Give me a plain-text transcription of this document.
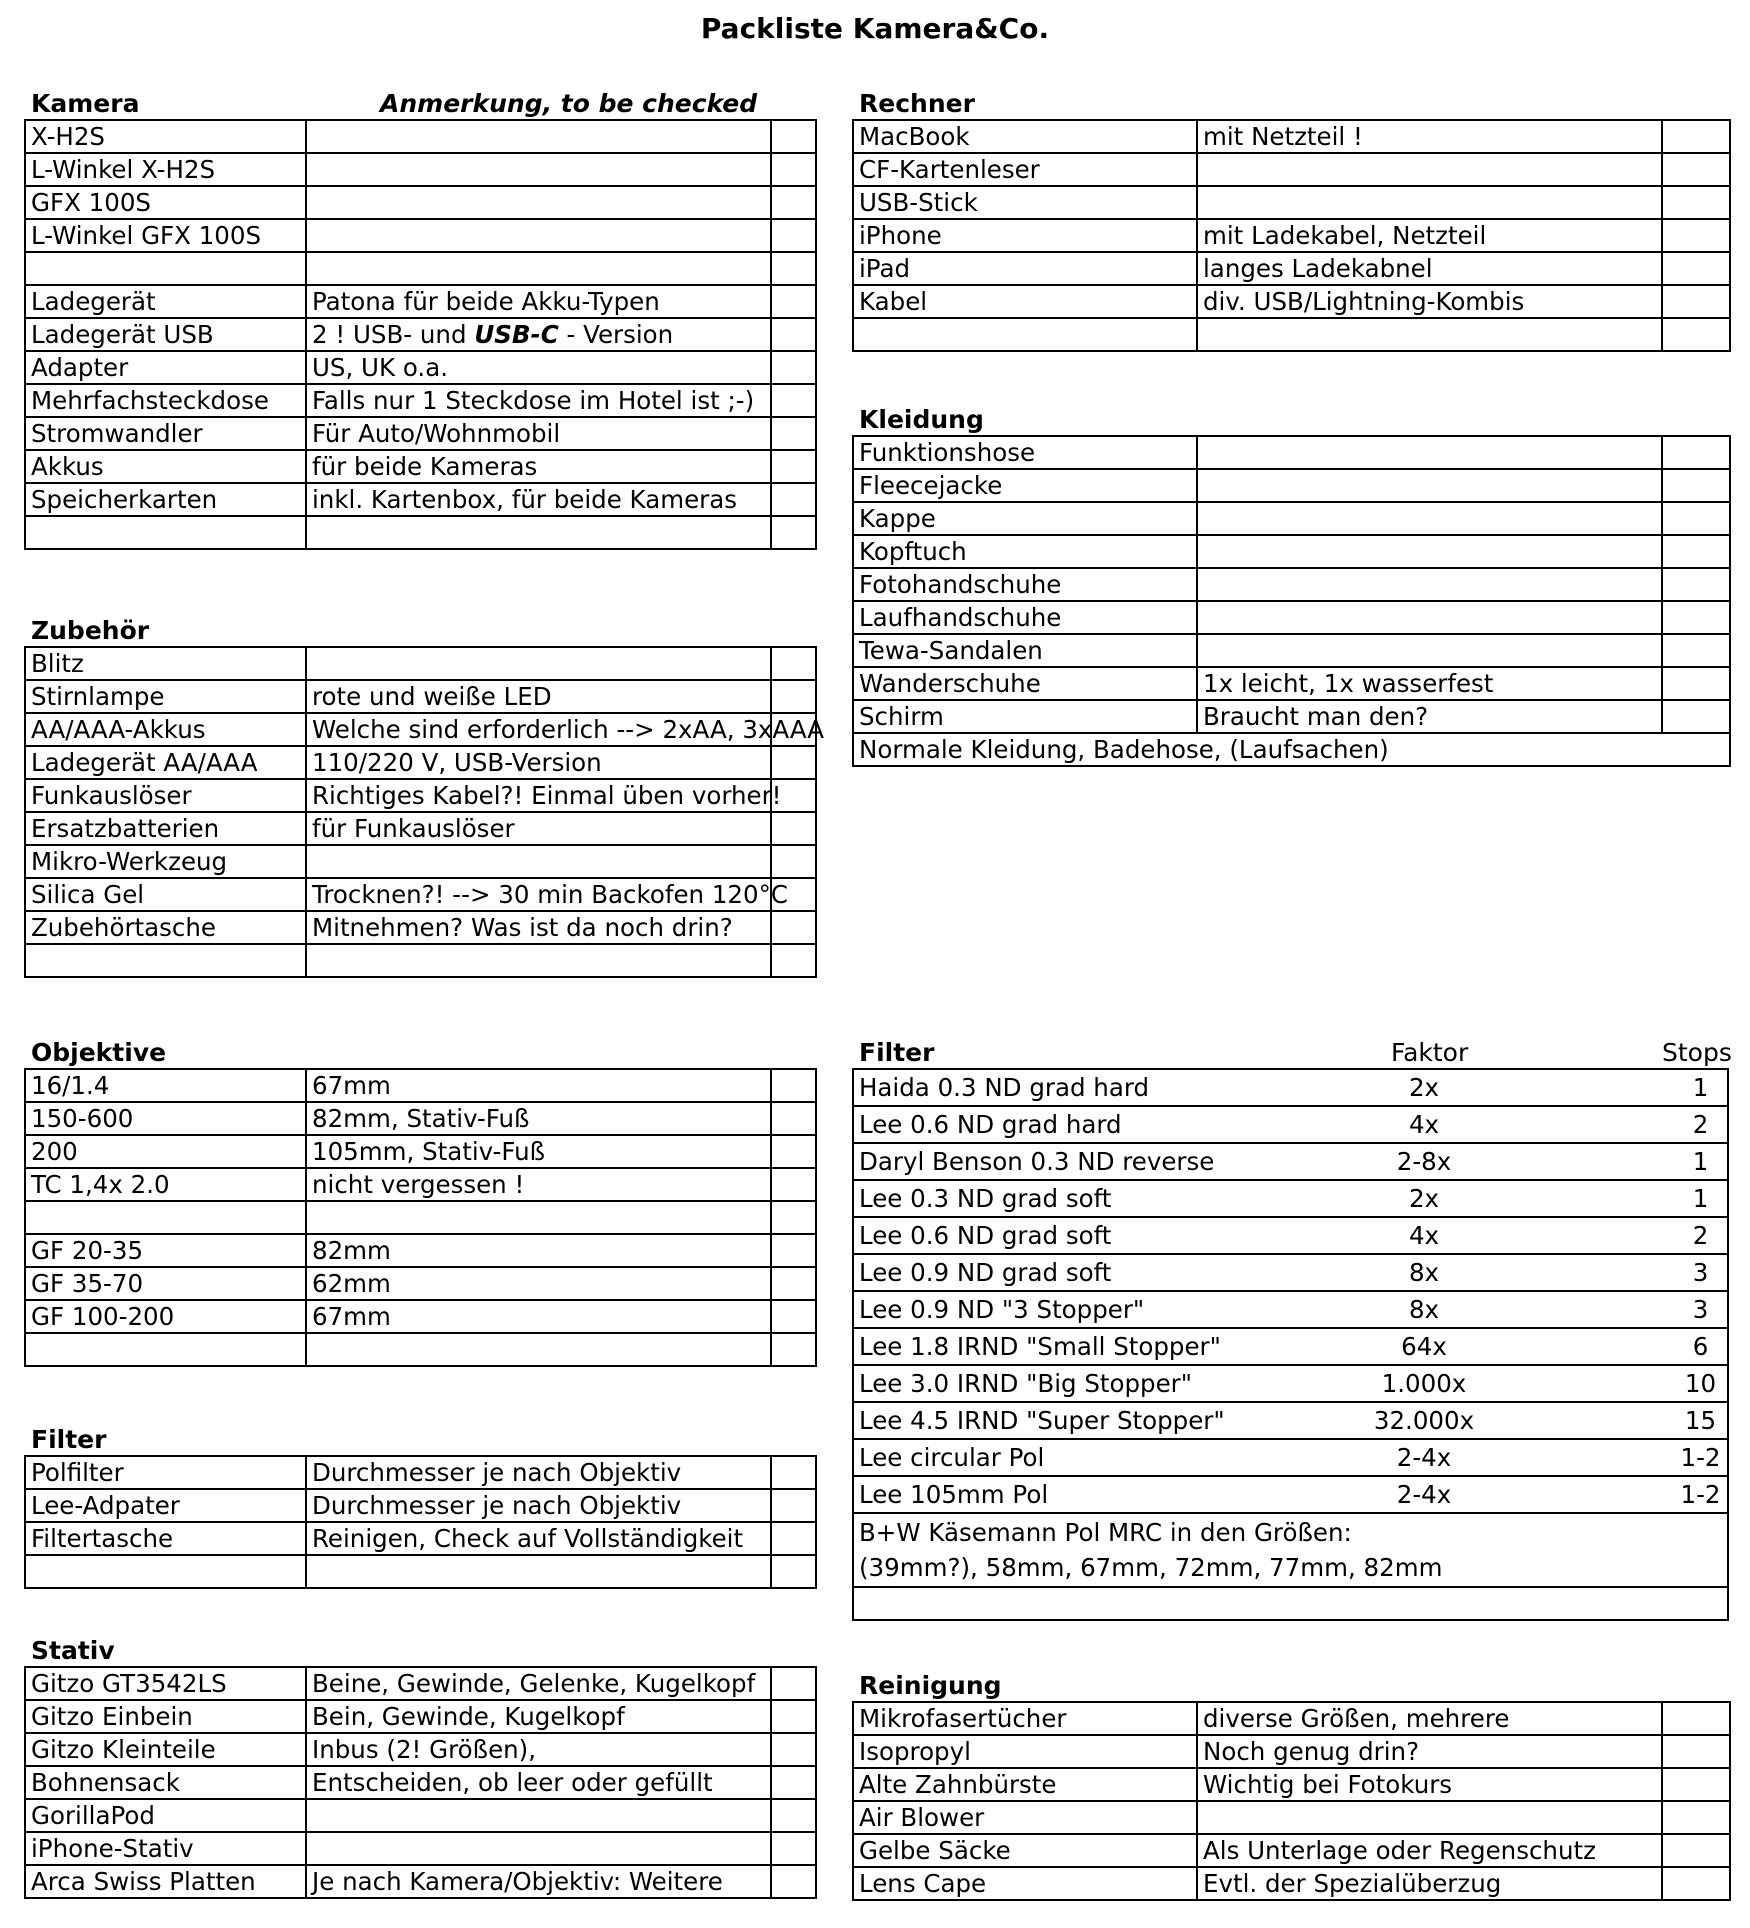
Packliste Kamera&Co.
Kamera	Anmerkung, to be checked
X-H2S		
L-Winkel X-H2S		
GFX 100S		
L-Winkel GFX 100S		

Ladegerät	Patona für beide Akku-Typen	
Ladegerät USB	2 ! USB- und USB-C - Version	
Adapter	US, UK o.a.	
Mehrfachsteckdose	Falls nur 1 Steckdose im Hotel ist ;-)	
Stromwandler	Für Auto/Wohnmobil	
Akkus	für beide Kameras	
Speicherkarten	inkl. Kartenbox, für beide Kameras	

Zubehör
Blitz		
Stirnlampe	rote und weiße LED	
AA/AAA-Akkus	Welche sind erforderlich --> 2xAA, 3xAAA	
Ladegerät AA/AAA	110/220 V, USB-Version	
Funkauslöser	Richtiges Kabel?! Einmal üben vorher!	
Ersatzbatterien	für Funkauslöser	
Mikro-Werkzeug		
Silica Gel	Trocknen?! --> 30 min Backofen 120°C	
Zubehörtasche	Mitnehmen? Was ist da noch drin?	

Objektive
16/1.4	67mm	
150-600	82mm, Stativ-Fuß	
200	105mm, Stativ-Fuß	
TC 1,4x 2.0	nicht vergessen !	

GF 20-35	82mm	
GF 35-70	62mm	
GF 100-200	67mm	

Filter
Polfilter	Durchmesser je nach Objektiv	
Lee-Adpater	Durchmesser je nach Objektiv	
Filtertasche	Reinigen, Check auf Vollständigkeit	

Stativ
Gitzo GT3542LS	Beine, Gewinde, Gelenke, Kugelkopf	
Gitzo Einbein	Bein, Gewinde, Kugelkopf	
Gitzo Kleinteile	Inbus (2! Größen),	
Bohnensack	Entscheiden, ob leer oder gefüllt	
GorillaPod		
iPhone-Stativ		
Arca Swiss Platten	Je nach Kamera/Objektiv: Weitere	
Rechner
MacBook	mit Netzteil !	
CF-Kartenleser		
USB-Stick		
iPhone	mit Ladekabel, Netzteil	
iPad	langes Ladekabnel	
Kabel	div. USB/Lightning-Kombis	

Kleidung
Funktionshose		
Fleecejacke		
Kappe		
Kopftuch		
Fotohandschuhe		
Laufhandschuhe		
Tewa-Sandalen		
Wanderschuhe	1x leicht, 1x wasserfest	
Schirm	Braucht man den?	
Normale Kleidung, Badehose, (Laufsachen)		
Filter	Faktor	Stops
Haida 0.3 ND grad hard	2x	1
Lee 0.6 ND grad hard	4x	2
Daryl Benson 0.3 ND reverse	2-8x	1
Lee 0.3 ND grad soft	2x	1
Lee 0.6 ND grad soft	4x	2
Lee 0.9 ND grad soft	8x	3
Lee 0.9 ND "3 Stopper"	8x	3
Lee 1.8 IRND "Small Stopper"	64x	6
Lee 3.0 IRND "Big Stopper"	1.000x	10
Lee 4.5 IRND "Super Stopper"	32.000x	15
Lee circular Pol	2-4x	1-2
Lee 105mm Pol	2-4x	1-2
B+W Käsemann Pol MRC in den Größen:
(39mm?), 58mm, 67mm, 72mm, 77mm, 82mm
Reinigung
Mikrofasertücher	diverse Größen, mehrere	
Isopropyl	Noch genug drin?	
Alte Zahnbürste	Wichtig bei Fotokurs	
Air Blower		
Gelbe Säcke	Als Unterlage oder Regenschutz	
Lens Cape	Evtl. der Spezialüberzug	
